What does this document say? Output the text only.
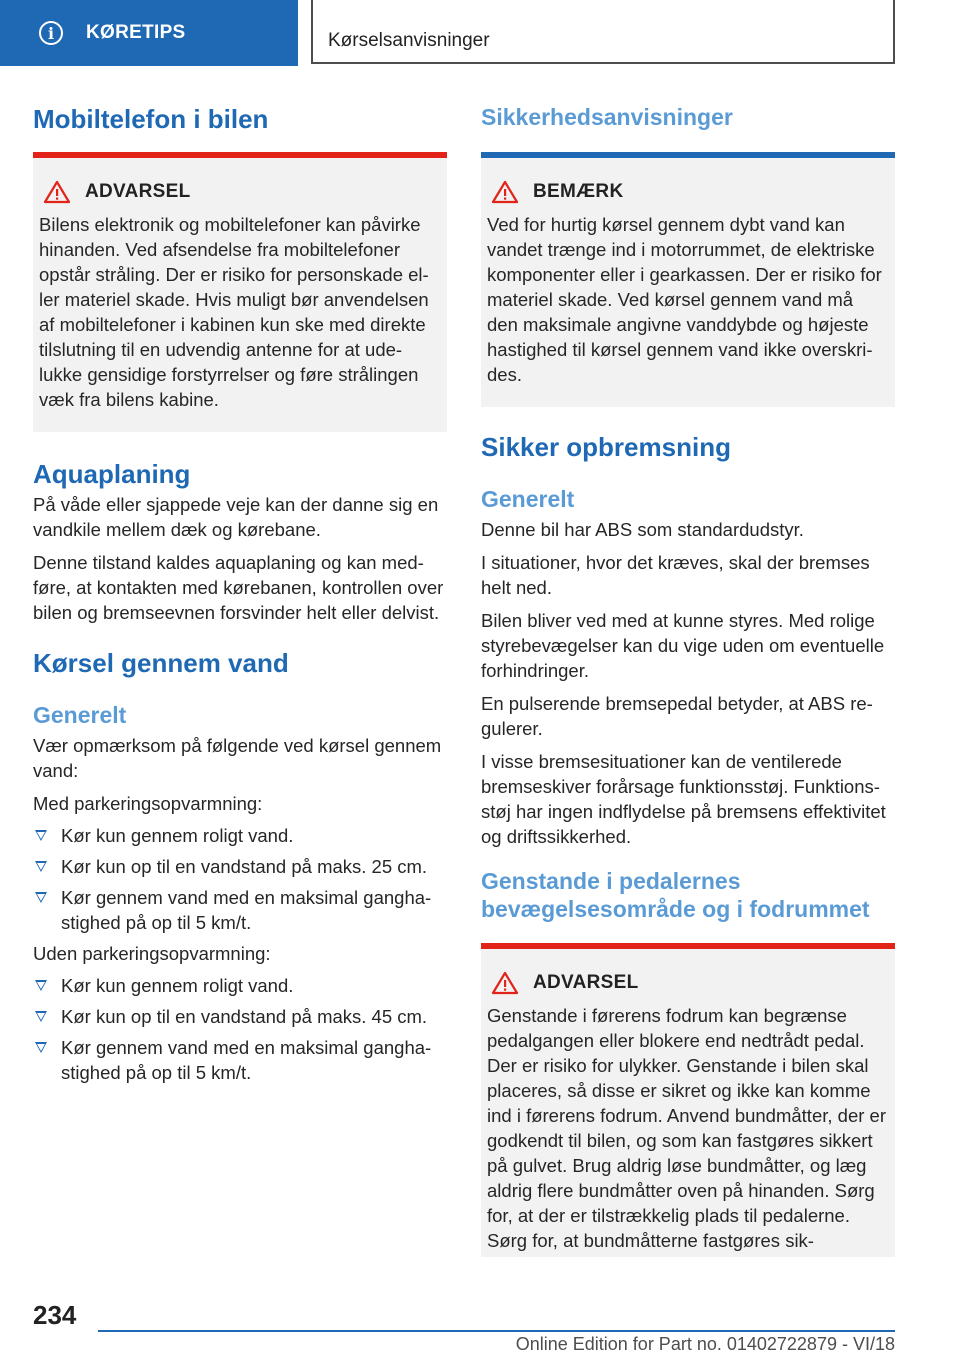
i	KØRETIPS	Kørselsanvisninger
Mobiltelefon i bilen
ADVARSEL

Bilens elektronik og mobiltelefoner kan påvirke hinanden. Ved afsendelse fra mobiltelefoner opstår stråling. Der er risiko for personskade eller materiel skade. Hvis muligt bør anvendelsen af mobiltelefoner i kabinen kun ske med direkte tilslutning til en udvendig antenne for at udelukke gensidige forstyrrelser og føre strålingen væk fra bilens kabine.

Aquaplaning

På våde eller sjappede veje kan der danne sig en vandkile mellem dæk og kørebane.

Denne tilstand kaldes aquaplaning og kan medføre, at kontakten med kørebanen, kontrollen over bilen og bremseevnen forsvinder helt eller delvist.

Kørsel gennem vand
Generelt

Vær opmærksom på følgende ved kørsel gennem vand:

Med parkeringsopvarmning:

Kør kun gennem roligt vand.
Kør kun op til en vandstand på maks. 25 cm.
Kør gennem vand med en maksimal ganghastighed på op til 5 km/t.

Uden parkeringsopvarmning:

Kør kun gennem roligt vand.
Kør kun op til en vandstand på maks. 45 cm.
Kør gennem vand med en maksimal ganghastighed på op til 5 km/t.
Sikkerhedsanvisninger
BEMÆRK

Ved for hurtig kørsel gennem dybt vand kan vandet trænge ind i motorrummet, de elektriske komponenter eller i gearkassen. Der er risiko for materiel skade. Ved kørsel gennem vand må den maksimale angivne vanddybde og højeste hastighed til kørsel gennem vand ikke overskrides.

Sikker opbremsning
Generelt

Denne bil har ABS som standardudstyr.

I situationer, hvor det kræves, skal der bremses helt ned.

Bilen bliver ved med at kunne styres. Med rolige styrebevægelser kan du vige uden om eventuelle forhindringer.

En pulserende bremsepedal betyder, at ABS regulerer.

I visse bremsesituationer kan de ventilerede bremseskiver forårsage funktionsstøj. Funktionsstøj har ingen indflydelse på bremsens effektivitet og driftssikkerhed.

Genstande i pedalernes bevægelsesområde og i fodrummet
ADVARSEL

Genstande i førerens fodrum kan begrænse pedalgangen eller blokere end nedtrådt pedal. Der er risiko for ulykker. Genstande i bilen skal placeres, så disse er sikret og ikke kan komme ind i førerens fodrum. Anvend bundmåtter, der er godkendt til bilen, og som kan fastgøres sikkert på gulvet. Brug aldrig løse bundmåtter, og læg aldrig flere bundmåtter oven på hinanden. Sørg for, at der er tilstrækkelig plads til pedalerne. Sørg for, at bundmåtterne fastgøres sik-

234
Online Edition for Part no. 01402722879 - VI/18
